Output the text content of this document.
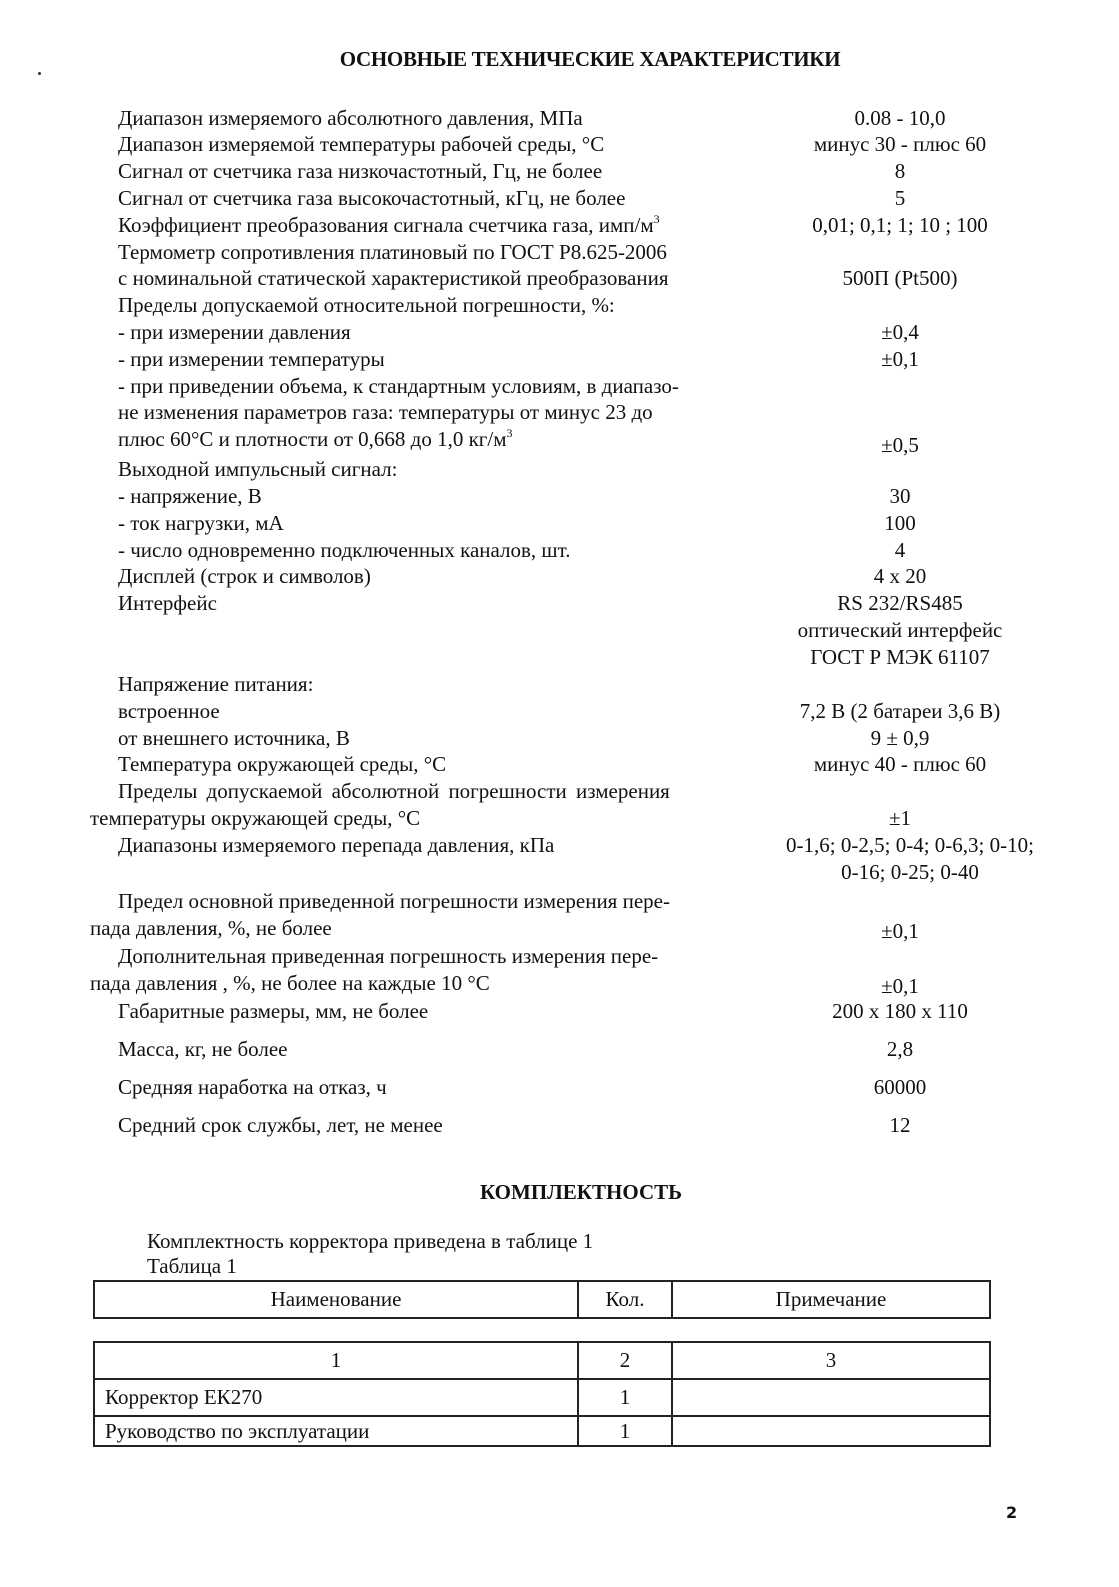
ОСНОВНЫЕ ТЕХНИЧЕСКИЕ ХАРАКТЕРИСТИКИ
Диапазон измеряемого абсолютного давления, МПа	0.08 - 10,0
Диапазон измеряемой температуры рабочей среды, °С	минус 30 - плюс 60
Сигнал от счетчика газа низкочастотный, Гц, не более	8
Сигнал от счетчика газа высокочастотный, кГц, не более	5
Коэффициент преобразования сигнала счетчика газа, имп/$м^3$	0,01; 0,1; 1; 10 ; 100
Термометр сопротивления платиновый по ГОСТ Р8.625-2006
с номинальной статической характеристикой преобразования	500П (Pt500)
Пределы допускаемой относительной погрешности, %:
- при измерении давления	±0,4
- при измерении температуры	±0,1
- при приведении объема, к стандартным условиям, в диапазо-
не изменения параметров газа: температуры от минус 23 до
плюс 60°С и плотности от 0,668 до 1,0 $кг/м^3$	±0,5
Выходной импульсный сигнал:
- напряжение, В	30
- ток нагрузки, мА	100
- число одновременно подключенных каналов, шт.	4
Дисплей (строк и символов)	4 x 20
Интерфейс	RS 232/RS485
оптический интерфейс
ГОСТ Р МЭК 61107
Напряжение питания:
встроенное	7,2 В (2 батареи 3,6 В)
от внешнего источника, В	9 ± 0,9
Температура окружающей среды, °С	минус 40 - плюс 60
Пределы допускаемой абсолютной погрешности измерения
температуры окружающей среды, °С	±1
Диапазоны измеряемого перепада давления, кПа	0-1,6; 0-2,5; 0-4; 0-6,3; 0-10;
0-16; 0-25; 0-40
Предел основной приведенной погрешности измерения пере-
пада давления, %, не более	±0,1
Дополнительная приведенная погрешность измерения пере-
пада давления , %, не более на каждые 10 °С	±0,1
Габаритные размеры, мм, не более	200 x 180 x 110
Масса, кг, не более	2,8
Средняя наработка на отказ, ч	60000
Средний срок службы, лет, не менее	12
КОМПЛЕКТНОСТЬ
Комплектность корректора приведена в таблице 1
Таблица 1
Наименование	Кол.	Примечание
1	2	3
Корректор ЕК270	1	
Руководство по эксплуатации	1	
2
